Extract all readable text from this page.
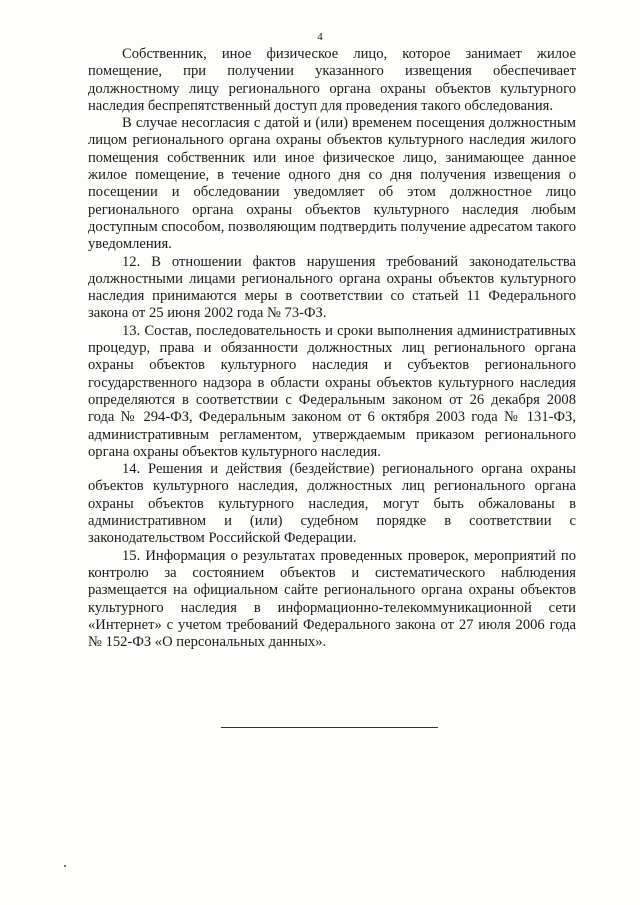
4

Собственник, иное физическое лицо, которое занимает жилое помещение, при получении указанного извещения обеспечивает должностному лицу регионального органа охраны объектов культурного наследия беспрепятственный доступ для проведения такого обследования.

В случае несогласия с датой и (или) временем посещения должностным лицом регионального органа охраны объектов культурного наследия жилого помещения собственник или иное физическое лицо, занимающее данное жилое помещение, в течение одного дня со дня получения извещения о посещении и обследовании уведомляет об этом должностное лицо регионального органа охраны объектов культурного наследия любым доступным способом, позволяющим подтвердить получение адресатом такого уведомления.

12. В отношении фактов нарушения требований законодательства должностными лицами регионального органа охраны объектов культурного наследия принимаются меры в соответствии со статьей 11 Федерального закона от 25 июня 2002 года № 73-ФЗ.

13. Состав, последовательность и сроки выполнения административных процедур, права и обязанности должностных лиц регионального органа охраны объектов культурного наследия и субъектов регионального государственного надзора в области охраны объектов культурного наследия определяются в соответствии с Федеральным законом от 26 декабря 2008 года № 294-ФЗ, Федеральным законом от 6 октября 2003 года № 131-ФЗ, административным регламентом, утверждаемым приказом регионального органа охраны объектов культурного наследия.

14. Решения и действия (бездействие) регионального органа охраны объектов культурного наследия, должностных лиц регионального органа охраны объектов культурного наследия, могут быть обжалованы в административном и (или) судебном порядке в соответствии с законодательством Российской Федерации.

15. Информация о результатах проведенных проверок, мероприятий по контролю за состоянием объектов и систематического наблюдения размещается на официальном сайте регионального органа охраны объектов культурного наследия в информационно-телекоммуникационной сети «Интернет» с учетом требований Федерального закона от 27 июля 2006 года № 152-ФЗ «О персональных данных».
